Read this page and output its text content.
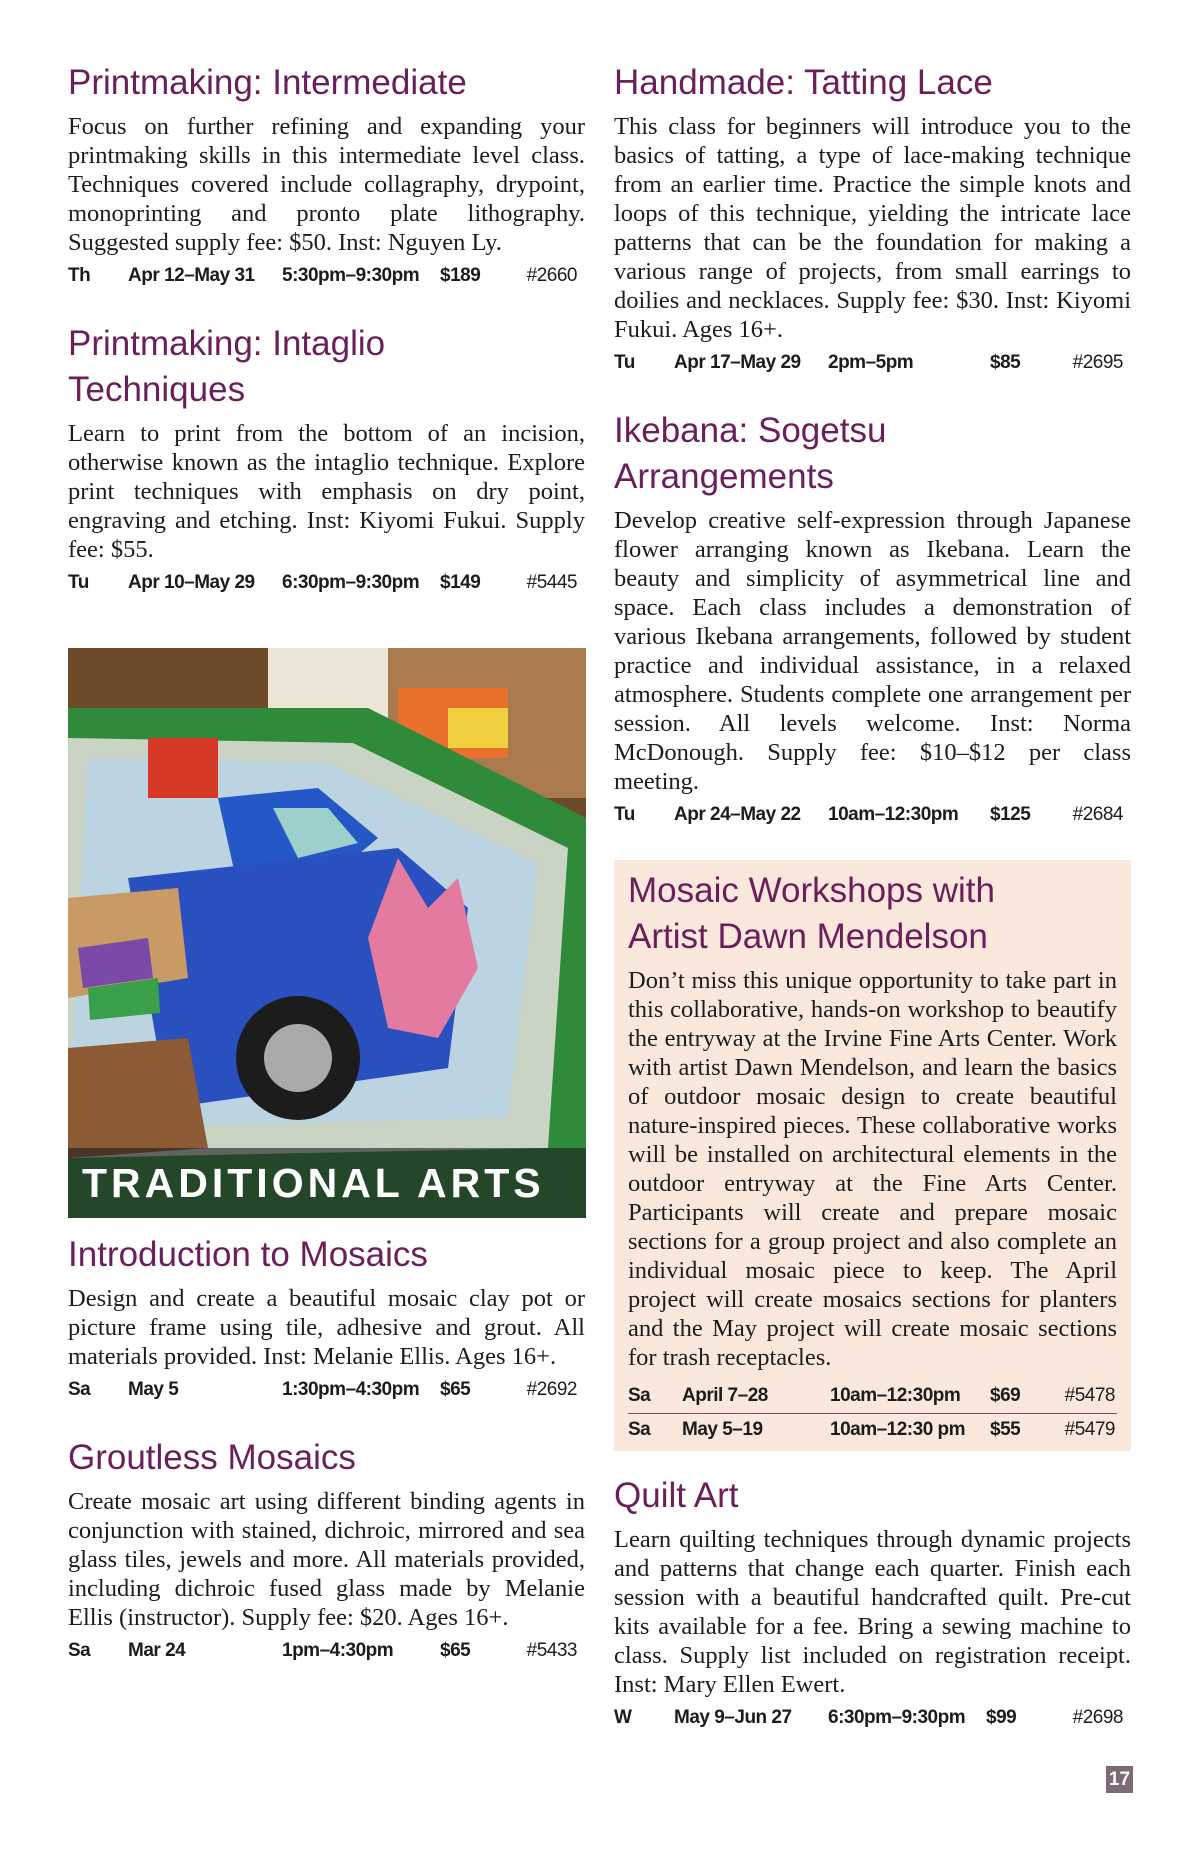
Printmaking: Intermediate

Focus on further refining and expanding your printmaking skills in this intermediate level class. Techniques covered include collagraphy, drypoint, monoprinting and pronto plate lithography. Suggested supply fee: $50. Inst: Nguyen Ly.

Th Apr 12–May 31 5:30pm–9:30pm $189 #2660
Printmaking: Intaglio Techniques

Learn to print from the bottom of an incision, otherwise known as the intaglio technique. Explore print techniques with emphasis on dry point, engraving and etching. Inst: Kiyomi Fukui. Supply fee: $55.

Tu Apr 10–May 29 6:30pm–9:30pm $149 #5445
TRADITIONAL ARTS
Introduction to Mosaics

Design and create a beautiful mosaic clay pot or picture frame using tile, adhesive and grout. All materials provided. Inst: Melanie Ellis. Ages 16+.

Sa May 5	1:30pm–4:30pm $65	#2692
Groutless Mosaics

Create mosaic art using different binding agents in conjunction with stained, dichroic, mirrored and sea glass tiles, jewels and more. All materials provided, including dichroic fused glass made by Melanie Ellis (instructor). Supply fee: $20. Ages 16+.

Sa Mar 24	1pm–4:30pm $65	#5433
Handmade: Tatting Lace

This class for beginners will introduce you to the basics of tatting, a type of lace-making technique from an earlier time. Practice the simple knots and loops of this technique, yielding the intricate lace patterns that can be the foundation for making a various range of projects, from small earrings to doilies and necklaces. Supply fee: $30. Inst: Kiyomi Fukui. Ages 16+.

Tu Apr 17–May 29 2pm–5pm	$85	#2695
Ikebana: Sogetsu Arrangements

Develop creative self-expression through Japanese flower arranging known as Ikebana. Learn the beauty and simplicity of asymmetrical line and space. Each class includes a demonstration of various Ikebana arrangements, followed by student practice and individual assistance, in a relaxed atmosphere. Students complete one arrangement per session. All levels welcome. Inst: Norma McDonough. Supply fee: $10–$12 per class meeting.

Tu Apr 24–May 22 10am–12:30pm $125 #2684
Mosaic Workshops with Artist Dawn Mendelson

Don’t miss this unique opportunity to take part in this collaborative, hands-on workshop to beautify the entryway at the Irvine Fine Arts Center. Work with artist Dawn Mendelson, and learn the basics of outdoor mosaic design to create beautiful nature-inspired pieces. These collaborative works will be installed on architectural elements in the outdoor entryway at the Fine Arts Center. Participants will create and prepare mosaic sections for a group project and also complete an individual mosaic piece to keep. The April project will create mosaics sections for planters and the May project will create mosaic sections for trash receptacles.

Sa April 7–28	10am–12:30pm $69 #5478
Sa May 5–19	10am–12:30 pm $55 #5479
Quilt Art

Learn quilting techniques through dynamic projects and patterns that change each quarter. Finish each session with a beautiful handcrafted quilt. Pre-cut kits available for a fee. Bring a sewing machine to class. Supply list included on registration receipt. Inst: Mary Ellen Ewert.

W May 9–Jun 27 6:30pm–9:30pm $99	#2698
17
